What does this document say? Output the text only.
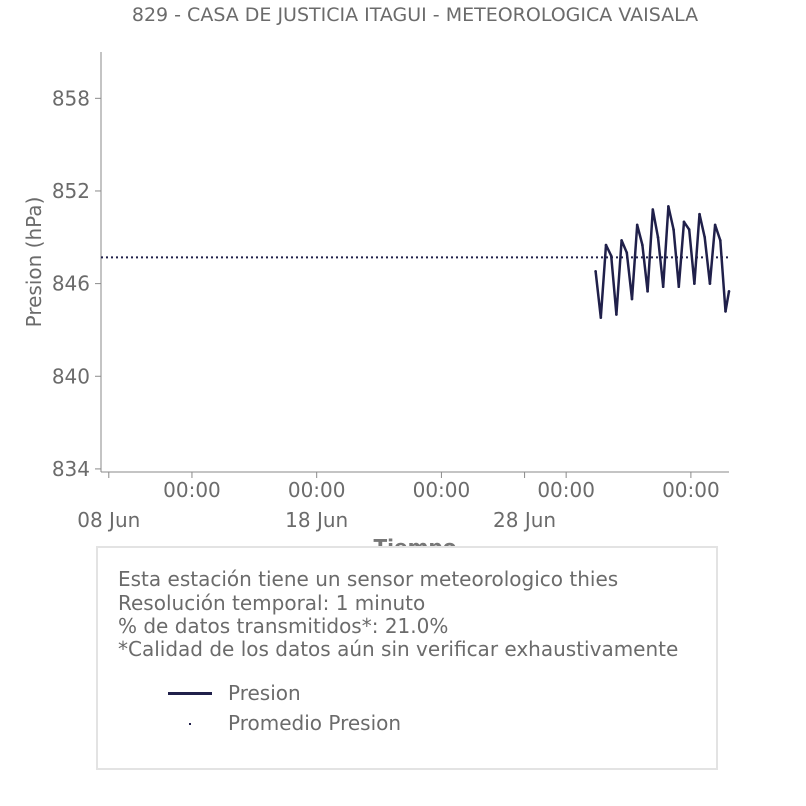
829 - CASA DE JUSTICIA ITAGUI - METEOROLOGICA VAISALA
Presion (hPa)
834
840
846
852
858
08 Jun
00:00	00:00
18 Jun
00:00
28 Jun
00:00	00:00
Esta estación tiene un sensor meteorologico thies
Resolución temporal: 1 minuto
% de datos transmitidos*: 21.0%
*Calidad de los datos aún sin verificar exhaustivamente
Presion
Promedio Presion
